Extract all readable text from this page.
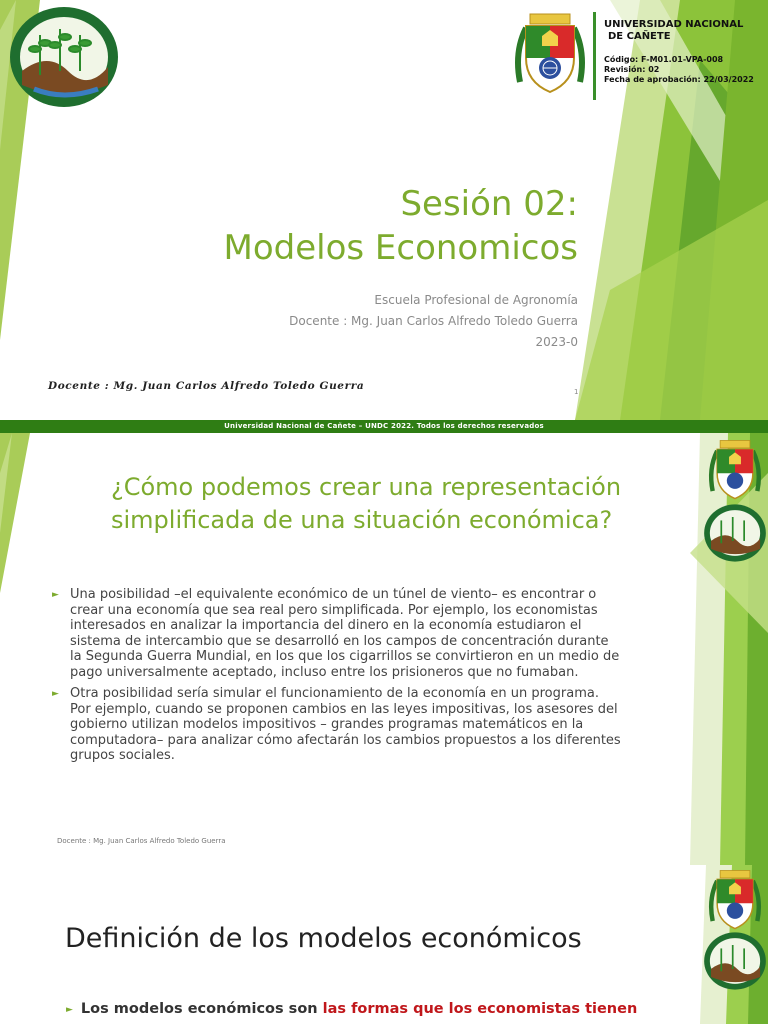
UNIVERSIDAD NACIONAL
DE CAÑETE
Código: F-M01.01-VPA-008
Revisión: 02
Fecha de aprobación: 22/03/2022
Sesión 02:
Modelos Economicos
Escuela Profesional de Agronomía
Docente : Mg. Juan Carlos Alfredo Toledo Guerra
2023-0
Docente : Mg. Juan Carlos Alfredo Toledo Guerra	1
Universidad Nacional de Cañete – UNDC 2022. Todos los derechos reservados
¿Cómo podemos crear una representación simplificada de una situación económica?
► Una posibilidad –el equivalente económico de un túnel de viento– es encontrar o crear una economía que sea real pero simplificada. Por ejemplo, los economistas interesados en analizar la importancia del dinero en la economía estudiaron el sistema de intercambio que se desarrolló en los campos de concentración durante la Segunda Guerra Mundial, en los que los cigarrillos se convirtieron en un medio de pago universalmente aceptado, incluso entre los prisioneros que no fumaban.
► Otra posibilidad sería simular el funcionamiento de la economía en un programa. Por ejemplo, cuando se proponen cambios en las leyes impositivas, los asesores del gobierno utilizan modelos impositivos – grandes programas matemáticos en la computadora– para analizar cómo afectarán los cambios propuestos a los diferentes grupos sociales.
Docente : Mg. Juan Carlos Alfredo Toledo Guerra
Definición de los modelos económicos
► Los modelos económicos son las formas que los economistas tienen
